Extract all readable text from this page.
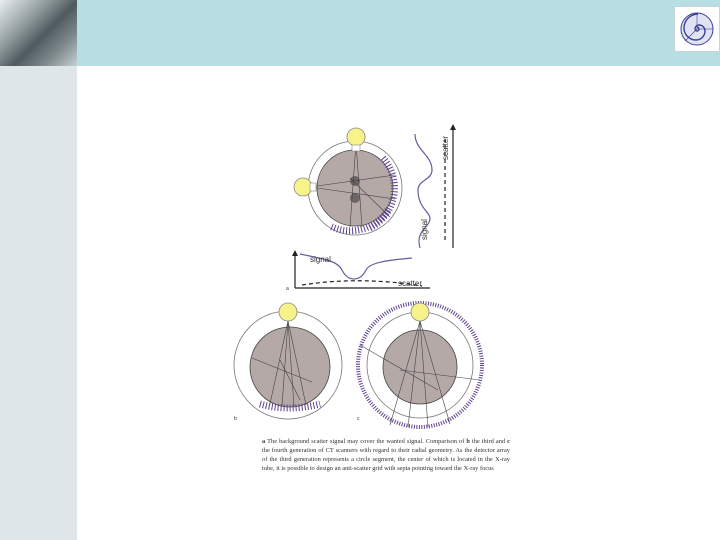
scatter
signal
signal
scatter
a
b	c
a The background scatter signal may cover the wanted signal. Comparison of b the third and c the fourth generation of CT scanners with regard to their radial geometry. As the detector array of the third generation represents a circle segment, the center of which is located in the X-ray tube, it is possible to design an anti-scatter grid with septa pointing toward the X-ray focus
